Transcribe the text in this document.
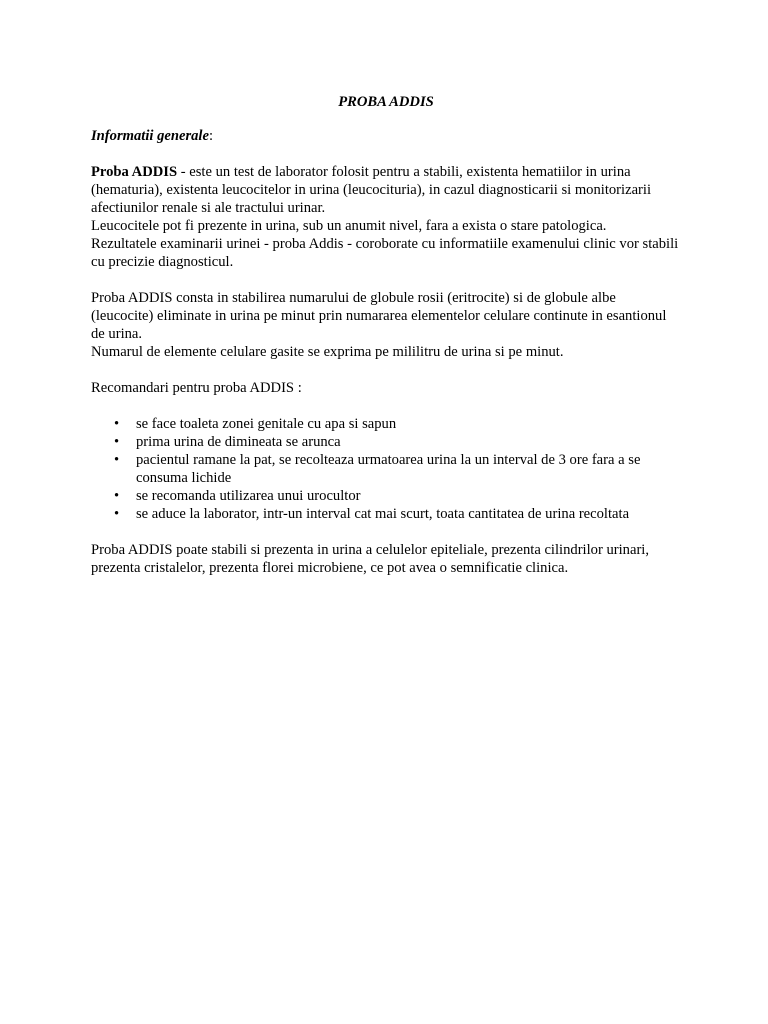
PROBA ADDIS

Informatii generale:

Proba ADDIS - este un test de laborator folosit pentru a stabili, existenta hematiilor in urina (hematuria), existenta leucocitelor in urina (leucocituria), in cazul diagnosticarii si monitorizarii afectiunilor renale si ale tractului urinar.

Leucocitele pot fi prezente in urina, sub un anumit nivel, fara a exista o stare patologica.

Rezultatele examinarii urinei - proba Addis - coroborate cu informatiile examenului clinic vor stabili cu precizie diagnosticul.

Proba ADDIS consta in stabilirea numarului de globule rosii (eritrocite) si de globule albe (leucocite) eliminate in urina pe minut prin numararea elementelor celulare continute in esantionul de urina.

Numarul de elemente celulare gasite se exprima pe mililitru de urina si pe minut.

Recomandari pentru proba ADDIS :

• se face toaleta zonei genitale cu apa si sapun
• prima urina de dimineata se arunca
• pacientul ramane la pat, se recolteaza urmatoarea urina la un interval de 3 ore fara a se consuma lichide
• se recomanda utilizarea unui urocultor
• se aduce la laborator, intr-un interval cat mai scurt, toata cantitatea de urina recoltata

Proba ADDIS poate stabili si prezenta in urina a celulelor epiteliale, prezenta cilindrilor urinari, prezenta cristalelor, prezenta florei microbiene, ce pot avea o semnificatie clinica.
